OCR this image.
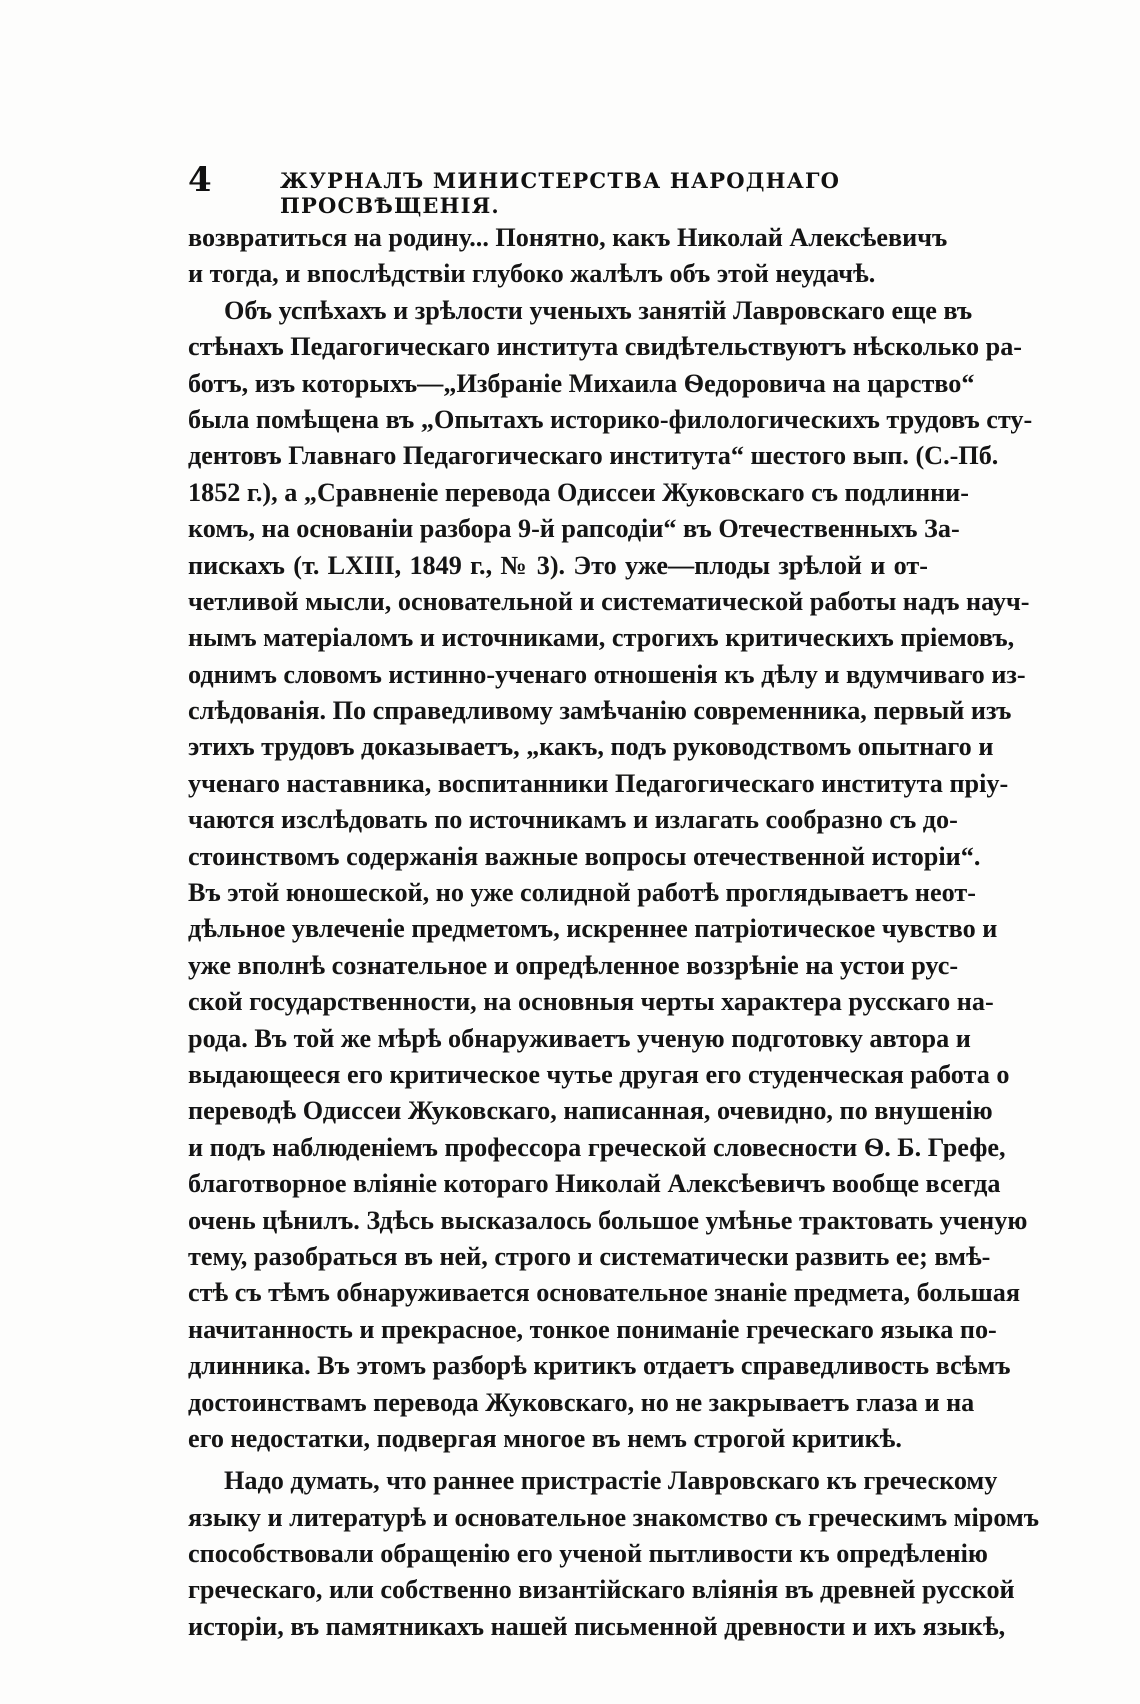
4	ЖУРНАЛЪ МИНИСТЕРСТВА НАРОДНАГО ПРОСВѢЩЕНІЯ.
возвратиться на родину... Понятно, какъ Николай Алексѣевичъ
и тогда, и впослѣдствіи глубоко жалѣлъ объ этой неудачѣ.
Объ успѣхахъ и зрѣлости ученыхъ занятій Лавровскаго еще въ
стѣнахъ Педагогическаго института свидѣтельствуютъ нѣсколько ра-
ботъ, изъ которыхъ—„Избраніе Михаила Ѳедоровича на царство“
была помѣщена въ „Опытахъ историко-филологическихъ трудовъ сту-
дентовъ Главнаго Педагогическаго института“ шестого вып. (С.-Пб.
1852 г.), а „Сравненіе перевода Одиссеи Жуковскаго съ подлинни-
комъ, на основаніи разбора 9-й рапсодіи“ въ Отечественныхъ За-
пискахъ (т. LXIII, 1849 г., № 3). Это уже—плоды зрѣлой и от-
четливой мысли, основательной и систематической работы надъ науч-
нымъ матеріаломъ и источниками, строгихъ критическихъ пріемовъ,
однимъ словомъ истинно-ученаго отношенія къ дѣлу и вдумчиваго из-
слѣдованія. По справедливому замѣчанію современника, первый изъ
этихъ трудовъ доказываетъ, „какъ, подъ руководствомъ опытнаго и
ученаго наставника, воспитанники Педагогическаго института пріу-
чаются изслѣдовать по источникамъ и излагать сообразно съ до-
стоинствомъ содержанія важные вопросы отечественной исторіи“.
Въ этой юношеской, но уже солидной работѣ проглядываетъ неот-
дѣльное увлеченіе предметомъ, искреннее патріотическое чувство и
уже вполнѣ сознательное и опредѣленное воззрѣніе на устои рус-
ской государственности, на основныя черты характера русскаго на-
рода. Въ той же мѣрѣ обнаруживаетъ ученую подготовку автора и
выдающееся его критическое чутье другая его студенческая работа о
переводѣ Одиссеи Жуковскаго, написанная, очевидно, по внушенію
и подъ наблюденіемъ профессора греческой словесности Ѳ. Б. Грефе,
благотворное вліяніе котораго Николай Алексѣевичъ вообще всегда
очень цѣнилъ. Здѣсь высказалось большое умѣнье трактовать ученую
тему, разобраться въ ней, строго и систематически развить ее; вмѣ-
стѣ съ тѣмъ обнаруживается основательное знаніе предмета, большая
начитанность и прекрасное, тонкое пониманіе греческаго языка по-
длинника. Въ этомъ разборѣ критикъ отдаетъ справедливость всѣмъ
достоинствамъ перевода Жуковскаго, но не закрываетъ глаза и на
его недостатки, подвергая многое въ немъ строгой критикѣ.
Надо думать, что раннее пристрастіе Лавровскаго къ греческому
языку и литературѣ и основательное знакомство съ греческимъ міромъ
способствовали обращенію его ученой пытливости къ опредѣленію
греческаго, или собственно византійскаго вліянія въ древней русской
исторіи, въ памятникахъ нашей письменной древности и ихъ языкѣ,
